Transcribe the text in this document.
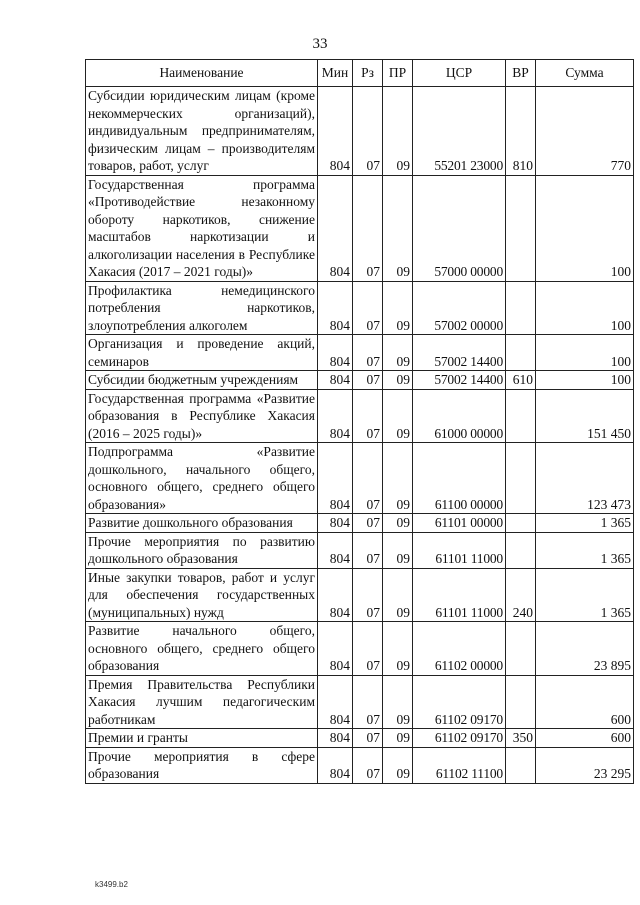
33
Наименование	Мин	Рз	ПР	ЦСР	ВР	Сумма
Субсидии юридическим лицам (кроме некоммерческих организаций), индивидуальным предпринимателям, физическим лицам – производителям товаров, работ, услуг	804	07	09	55201 23000	810	770
Государственная программа «Противодействие незаконному обороту наркотиков, снижение масштабов наркотизации и алкоголизации населения в Республике Хакасия (2017 – 2021 годы)»	804	07	09	57000 00000		100
Профилактика немедицинского потребления наркотиков, злоупотребления алкоголем	804	07	09	57002 00000		100
Организация и проведение акций, семинаров	804	07	09	57002 14400		100
Субсидии бюджетным учреждениям	804	07	09	57002 14400	610	100
Государственная программа «Развитие образования в Республике Хакасия (2016 – 2025 годы)»	804	07	09	61000 00000		151 450
Подпрограмма «Развитие дошкольного, начального общего, основного общего, среднего общего образования»	804	07	09	61100 00000		123 473
Развитие дошкольного образования	804	07	09	61101 00000		1 365
Прочие мероприятия по развитию дошкольного образования	804	07	09	61101 11000		1 365
Иные закупки товаров, работ и услуг для обеспечения государственных (муниципальных) нужд	804	07	09	61101 11000	240	1 365
Развитие начального общего, основного общего, среднего общего образования	804	07	09	61102 00000		23 895
Премия Правительства Республики Хакасия лучшим педагогическим работникам	804	07	09	61102 09170		600
Премии и гранты	804	07	09	61102 09170	350	600
Прочие мероприятия в сфере образования	804	07	09	61102 11100		23 295
k3499.b2
